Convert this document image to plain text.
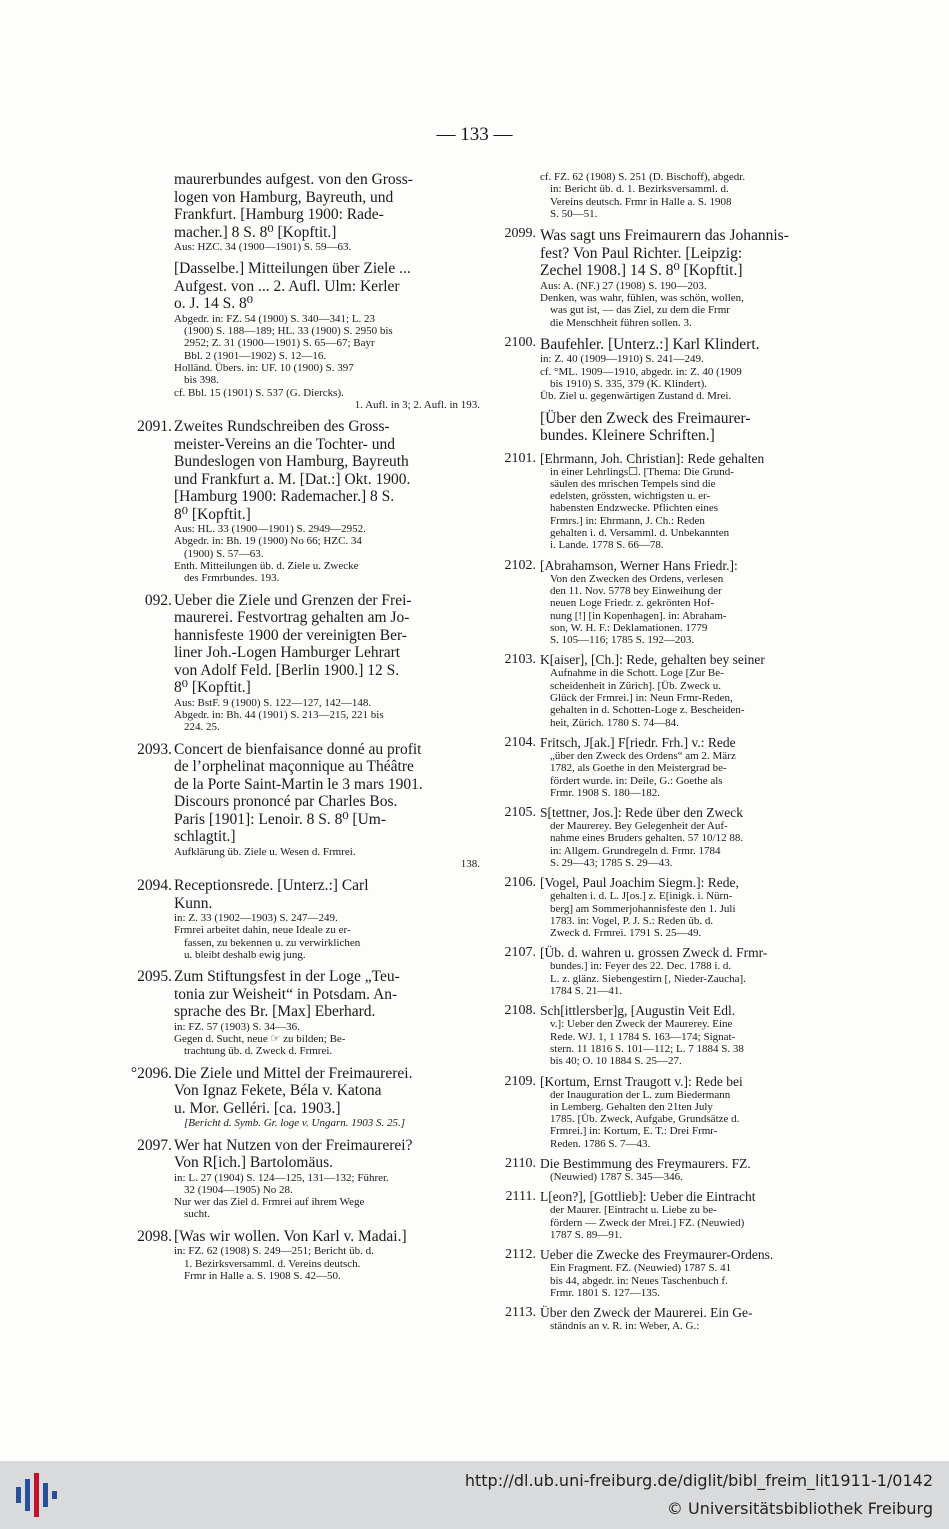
— 133 —

maurerbundes aufgest. von den Gross-

logen von Hamburg, Bayreuth, und

Frankfurt. [Hamburg 1900: Rade-

macher.] 8 S. 8⁰ [Kopftit.]

Aus: HZC. 34 (1900—1901) S. 59—63.

[Dasselbe.] Mitteilungen über Ziele ...

Aufgest. von ... 2. Aufl. Ulm: Kerler

o. J. 14 S. 8⁰

Abgedr. in: FZ. 54 (1900) S. 340—341; L. 23

(1900) S. 188—189; HL. 33 (1900) S. 2950 bis

2952; Z. 31 (1900—1901) S. 65—67; Bayr

Bbl. 2 (1901—1902) S. 12—16.

Holländ. Übers. in: UF. 10 (1900) S. 397

bis 398.

cf. Bbl. 15 (1901) S. 537 (G. Diercks).

1. Aufl. in 3; 2. Aufl. in 193.

2091. Zweites Rundschreiben des Gross-

meister-Vereins an die Tochter- und

Bundeslogen von Hamburg, Bayreuth

und Frankfurt a. M. [Dat.:] Okt. 1900.

[Hamburg 1900: Rademacher.] 8 S.

8⁰ [Kopftit.]

Aus: HL. 33 (1900—1901) S. 2949—2952.

Abgedr. in: Bh. 19 (1900) No 66; HZC. 34

(1900) S. 57—63.

Enth. Mitteilungen üb. d. Ziele u. Zwecke

des Frmrbundes. 193.

092. Ueber die Ziele und Grenzen der Frei-

maurerei. Festvortrag gehalten am Jo-

hannisfeste 1900 der vereinigten Ber-

liner Joh.-Logen Hamburger Lehrart

von Adolf Feld. [Berlin 1900.] 12 S.

8⁰ [Kopftit.]

Aus: BstF. 9 (1900) S. 122—127, 142—148.

Abgedr. in: Bh. 44 (1901) S. 213—215, 221 bis

224. 25.

2093. Concert de bienfaisance donné au profit

de l’orphelinat maçonnique au Théâtre

de la Porte Saint-Martin le 3 mars 1901.

Discours prononcé par Charles Bos.

Paris [1901]: Lenoir. 8 S. 8⁰ [Um-

schlagtit.]

Aufklärung üb. Ziele u. Wesen d. Frmrei.

138.

2094. Receptionsrede. [Unterz.:] Carl

Kunn.

in: Z. 33 (1902—1903) S. 247—249.

Frmrei arbeitet dahin, neue Ideale zu er-

fassen, zu bekennen u. zu verwirklichen

u. bleibt deshalb ewig jung.

2095. Zum Stiftungsfest in der Loge „Teu-

tonia zur Weisheit“ in Potsdam. An-

sprache des Br. [Max] Eberhard.

in: FZ. 57 (1903) S. 34—36.

Gegen d. Sucht, neue ☞ zu bilden; Be-

trachtung üb. d. Zweck d. Frmrei.

°2096. Die Ziele und Mittel der Freimaurerei.

Von Ignaz Fekete, Béla v. Katona

u. Mor. Gelléri. [ca. 1903.]

[Bericht d. Symb. Gr. loge v. Ungarn. 1903 S. 25.]

2097. Wer hat Nutzen von der Freimaurerei?

Von R[ich.] Bartolomäus.

in: L. 27 (1904) S. 124—125, 131—132; Führer.

32 (1904—1905) No 28.

Nur wer das Ziel d. Frmrei auf ihrem Wege

sucht.

2098. [Was wir wollen. Von Karl v. Madai.]

in: FZ. 62 (1908) S. 249—251; Bericht üb. d.

1. Bezirksversamml. d. Vereins deutsch.

Frmr in Halle a. S. 1908 S. 42—50.

cf. FZ. 62 (1908) S. 251 (D. Bischoff), abgedr.

in: Bericht üb. d. 1. Bezirksversamml. d.

Vereins deutsch. Frmr in Halle a. S. 1908

S. 50—51.

2099. Was sagt uns Freimaurern das Johannis-

fest? Von Paul Richter. [Leipzig:

Zechel 1908.] 14 S. 8⁰ [Kopftit.]

Aus: A. (NF.) 27 (1908) S. 190—203.

Denken, was wahr, fühlen, was schön, wollen,

was gut ist, — das Ziel, zu dem die Frmr

die Menschheit führen sollen. 3.

2100. Baufehler. [Unterz.:] Karl Klindert.

in: Z. 40 (1909—1910) S. 241—249.

cf. °ML. 1909—1910, abgedr. in: Z. 40 (1909

bis 1910) S. 335, 379 (K. Klindert).

Üb. Ziel u. gegenwärtigen Zustand d. Mrei.

[Über den Zweck des Freimaurer-

bundes. Kleinere Schriften.]

2101. [Ehrmann, Joh. Christian]: Rede gehalten

in einer Lehrlings☐. [Thema: Die Grund-

säulen des mrischen Tempels sind die

edelsten, grössten, wichtigsten u. er-

habensten Endzwecke. Pflichten eines

Frmrs.] in: Ehrmann, J. Ch.: Reden

gehalten i. d. Versamml. d. Unbekannten

i. Lande. 1778 S. 66—78.

2102. [Abrahamson, Werner Hans Friedr.]:

Von den Zwecken des Ordens, verlesen

den 11. Nov. 5778 bey Einweihung der

neuen Loge Friedr. z. gekrönten Hof-

nung [!] [in Kopenhagen]. in: Abraham-

son, W. H. F.: Deklamationen. 1779

S. 105—116; 1785 S. 192—203.

2103. K[aiser], [Ch.]: Rede, gehalten bey seiner

Aufnahme in die Schott. Loge [Zur Be-

scheidenheit in Zürich]. [Üb. Zweck u.

Glück der Frmrei.] in: Neun Frmr-Reden,

gehalten in d. Schotten-Loge z. Bescheiden-

heit, Zürich. 1780 S. 74—84.

2104. Fritsch, J[ak.] F[riedr. Frh.] v.: Rede

„über den Zweck des Ordens“ am 2. März

1782, als Goethe in den Meistergrad be-

fördert wurde. in: Deile, G.: Goethe als

Frmr. 1908 S. 180—182.

2105. S[tettner, Jos.]: Rede über den Zweck

der Maurerey. Bey Gelegenheit der Auf-

nahme eines Bruders gehalten. 57 10/12 88.

in: Allgem. Grundregeln d. Frmr. 1784

S. 29—43; 1785 S. 29—43.

2106. [Vogel, Paul Joachim Siegm.]: Rede,

gehalten i. d. L. J[os.] z. E[inigk. i. Nürn-

berg] am Sommerjohannisfeste den 1. Juli

1783. in: Vogel, P. J. S.: Reden üb. d.

Zweck d. Frmrei. 1791 S. 25—49.

2107. [Üb. d. wahren u. grossen Zweck d. Frmr-

bundes.] in: Feyer des 22. Dec. 1788 i. d.

L. z. glänz. Siebengestirn [, Nieder-Zaucha].

1784 S. 21—41.

2108. Sch[ittlersber]g, [Augustin Veit Edl.

v.]: Ueber den Zweck der Maurerey. Eine

Rede. WJ. 1, 1 1784 S. 163—174; Signat-

stern. 11 1816 S. 101—112; L. 7 1884 S. 38

bis 40; O. 10 1884 S. 25—27.

2109. [Kortum, Ernst Traugott v.]: Rede bei

der Inauguration der L. zum Biedermann

in Lemberg. Gehalten den 21ten July

1785. [Üb. Zweck, Aufgabe, Grundsätze d.

Frmrei.] in: Kortum, E. T.: Drei Frmr-

Reden. 1786 S. 7—43.

2110. Die Bestimmung des Freymaurers. FZ.

(Neuwied) 1787 S. 345—346.

2111. L[eon?], [Gottlieb]: Ueber die Eintracht

der Maurer. [Eintracht u. Liebe zu be-

fördern — Zweck der Mrei.] FZ. (Neuwied)

1787 S. 89—91.

2112. Ueber die Zwecke des Freymaurer-Ordens.

Ein Fragment. FZ. (Neuwied) 1787 S. 41

bis 44, abgedr. in: Neues Taschenbuch f.

Frmr. 1801 S. 127—135.

2113. Über den Zweck der Maurerei. Ein Ge-

ständnis an v. R. in: Weber, A. G.:

http://dl.ub.uni-freiburg.de/diglit/bibl_freim_lit1911-1/0142
© Universitätsbibliothek Freiburg
